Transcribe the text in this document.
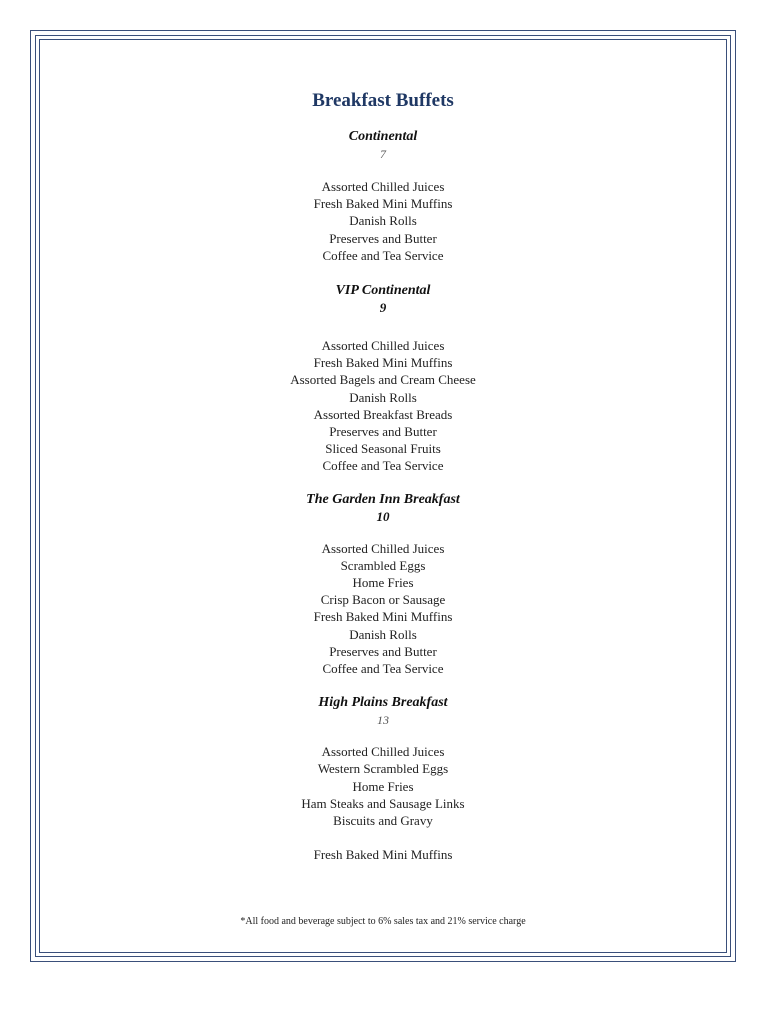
Breakfast Buffets
Continental
7
Assorted Chilled Juices
Fresh Baked Mini Muffins
Danish Rolls
Preserves and Butter
Coffee and Tea Service
VIP Continental
9
Assorted Chilled Juices
Fresh Baked Mini Muffins
Assorted Bagels and Cream Cheese
Danish Rolls
Assorted Breakfast Breads
Preserves and Butter
Sliced Seasonal Fruits
Coffee and Tea Service
The Garden Inn Breakfast
10
Assorted Chilled Juices
Scrambled Eggs
Home Fries
Crisp Bacon or Sausage
Fresh Baked Mini Muffins
Danish Rolls
Preserves and Butter
Coffee and Tea Service
High Plains Breakfast
13
Assorted Chilled Juices
Western Scrambled Eggs
Home Fries
Ham Steaks and Sausage Links
Biscuits and Gravy
Fresh Baked Mini Muffins
*All food and beverage subject to 6% sales tax and 21% service charge
